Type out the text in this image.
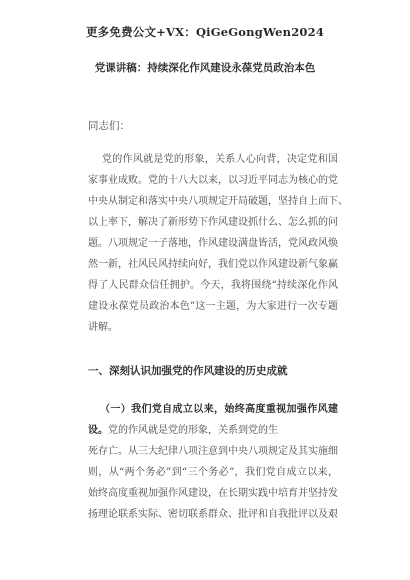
更多免费公文+VX：QiGeGongWen2024
党课讲稿：持续深化作风建设永葆党员政治本色
同志们：
党的作风就是党的形象，关系人心向背，决定党和国
家事业成败。党的十八大以来，以习近平同志为核心的党
中央从制定和落实中央八项规定开局破题，坚持自上而下、
以上率下，解决了新形势下作风建设抓什么、怎么抓的问
题。八项规定一子落地，作风建设满盘皆活，党风政风焕
然一新，社风民风持续向好，我们党以作风建设新气象赢
得了人民群众信任拥护。今天，我将围绕“持续深化作风
建设永葆党员政治本色”这一主题，为大家进行一次专题
讲解。
一、深刻认识加强党的作风建设的历史成就
（一）我们党自成立以来，始终高度重视加强作风建
设。党的作风就是党的形象，关系到党的生
死存亡。从三大纪律八项注意到中央八项规定及其实施细
则，从“两个务必”到“三个务必”，我们党自成立以来，
始终高度重视加强作风建设，在长期实践中培育并坚持发
扬理论联系实际、密切联系群众、批评和自我批评以及艰
